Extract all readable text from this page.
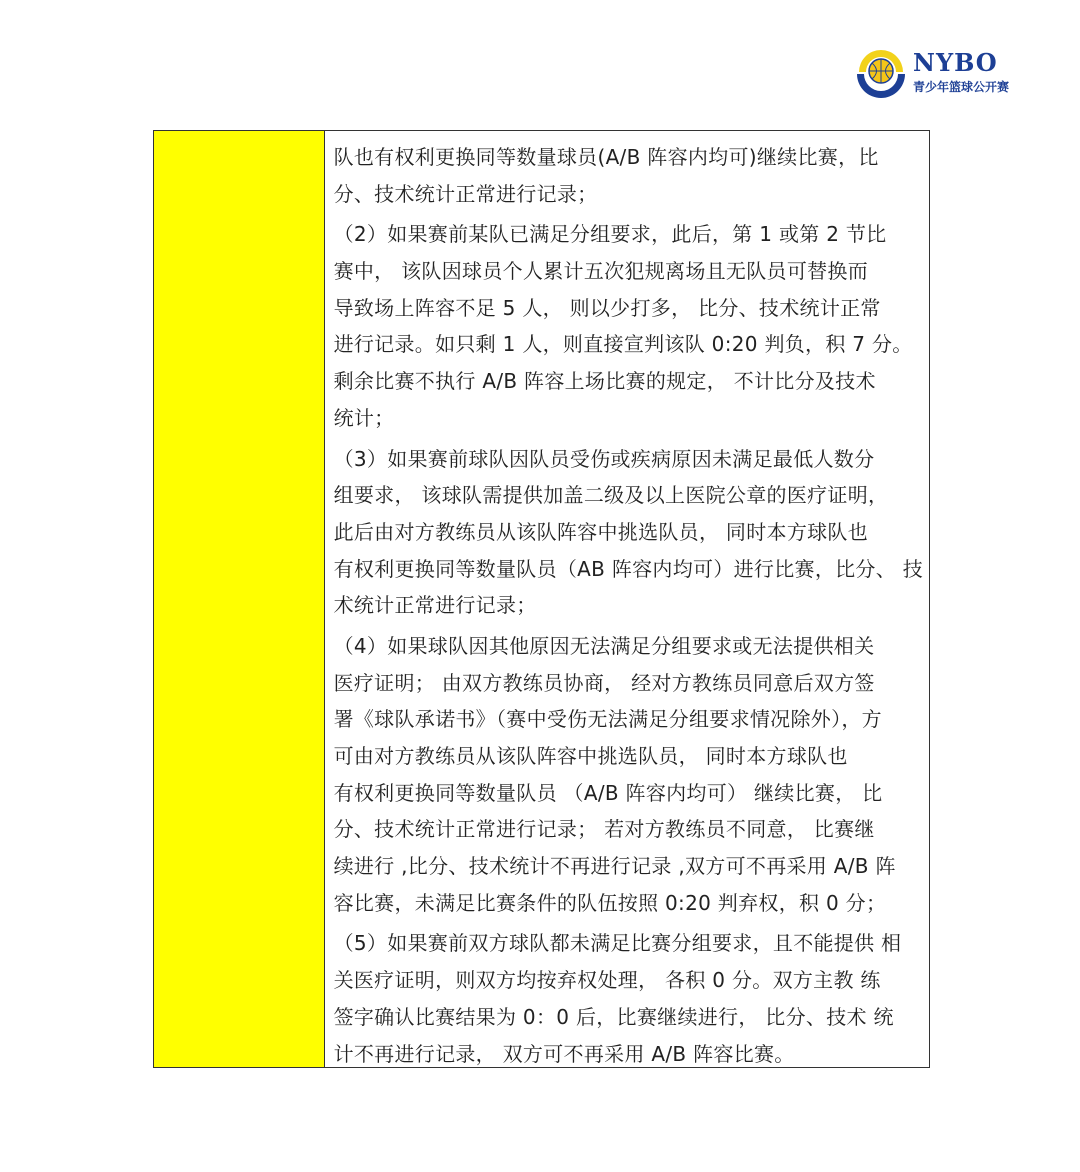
NYBO
青少年篮球公开赛
队也有权利更换同等数量球员(A/B 阵容内均可)继续比赛，比
分、技术统计正常进行记录；
（2）如果赛前某队已满足分组要求，此后，第 1 或第 2 节比
赛中， 该队因球员个人累计五次犯规离场且无队员可替换而
导致场上阵容不足 5 人， 则以少打多， 比分、技术统计正常
进行记录。如只剩 1 人，则直接宣判该队 0:20 判负，积 7 分。
剩余比赛不执行 A/B 阵容上场比赛的规定， 不计比分及技术
统计；
（3）如果赛前球队因队员受伤或疾病原因未满足最低人数分
组要求， 该球队需提供加盖二级及以上医院公章的医疗证明，
此后由对方教练员从该队阵容中挑选队员， 同时本方球队也
有权利更换同等数量队员（AB 阵容内均可）进行比赛，比分、 技
术统计正常进行记录；
（4）如果球队因其他原因无法满足分组要求或无法提供相关
医疗证明； 由双方教练员协商， 经对方教练员同意后双方签
署《球队承诺书》（赛中受伤无法满足分组要求情况除外），方
可由对方教练员从该队阵容中挑选队员， 同时本方球队也
有权利更换同等数量队员 （A/B 阵容内均可） 继续比赛， 比
分、技术统计正常进行记录； 若对方教练员不同意， 比赛继
续进行 ,比分、技术统计不再进行记录 ,双方可不再采用 A/B 阵
容比赛，未满足比赛条件的队伍按照 0:20 判弃权，积 0 分；
（5）如果赛前双方球队都未满足比赛分组要求，且不能提供 相
关医疗证明，则双方均按弃权处理， 各积 0 分。双方主教 练
签字确认比赛结果为 0：0 后，比赛继续进行， 比分、技术 统
计不再进行记录， 双方可不再采用 A/B 阵容比赛。
